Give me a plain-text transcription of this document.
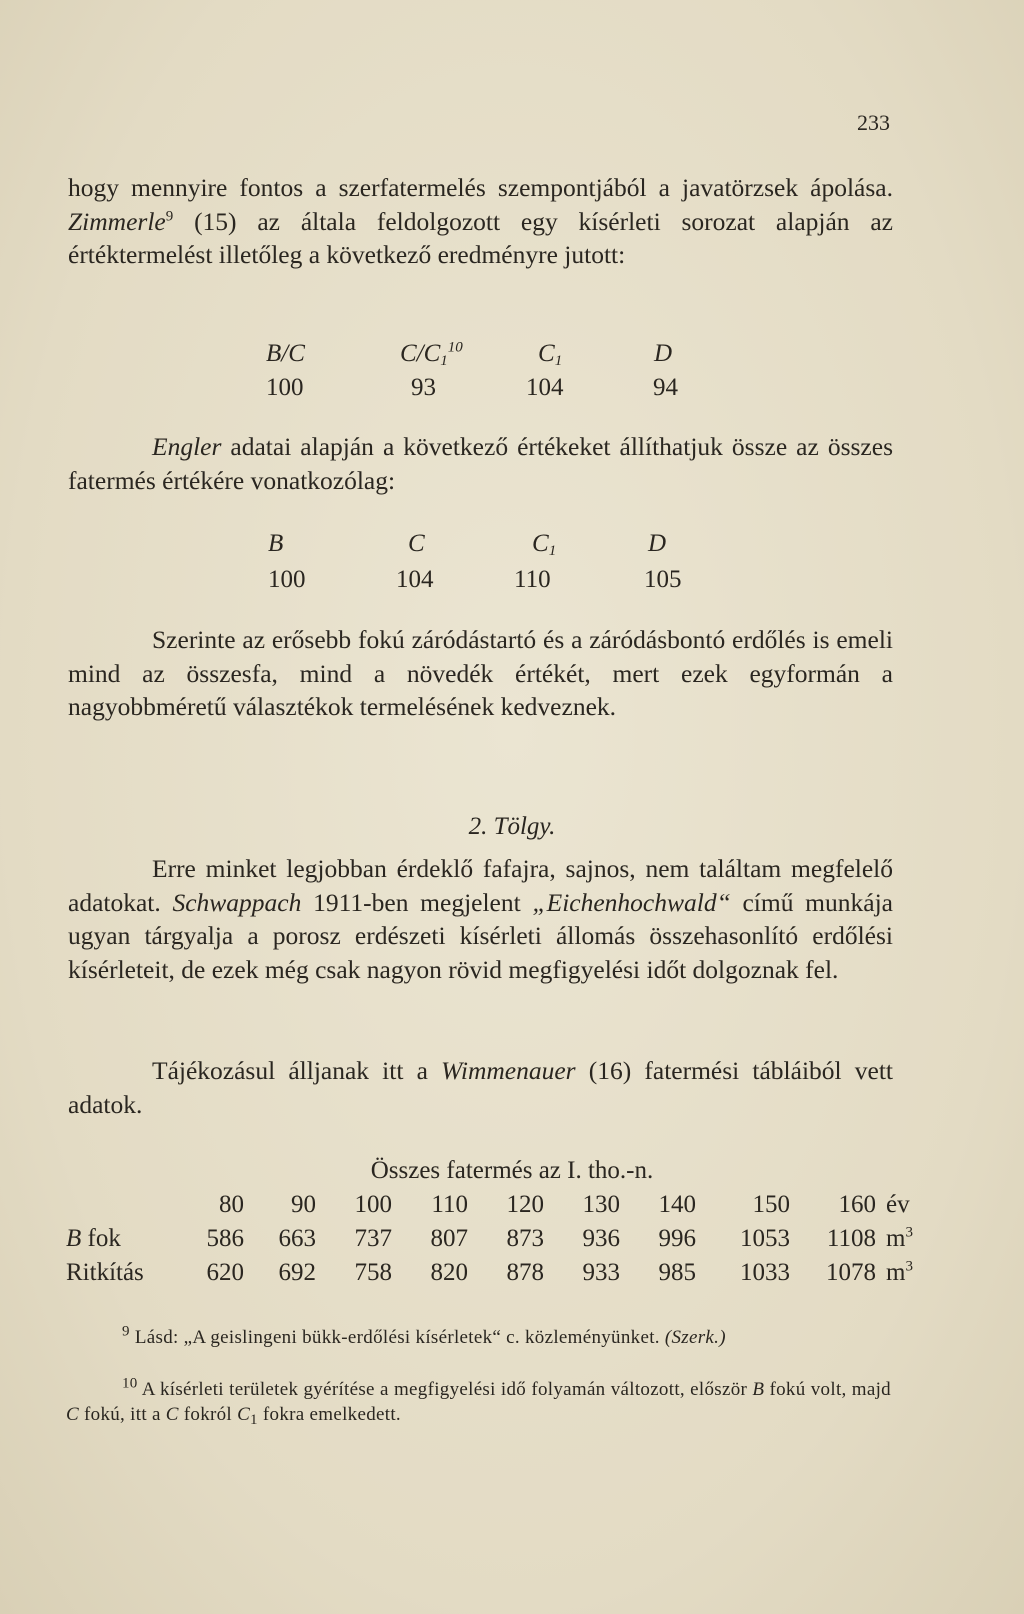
233

hogy mennyire fontos a szerfatermelés szempontjából a javatörzsek ápolása. Zimmerle$^9$ (15) az általa feldolgozott egy kísérleti sorozat alapján az értéktermelést illetőleg a következő eredményre jutott:

B/C	$C/C_1^{10}$	$C_1$	D
100	93	104	94

Engler adatai alapján a következő értékeket állíthatjuk össze az összes fatermés értékére vonatkozólag:

B	C	$C_1$	D
100	104	110	105

Szerinte az erősebb fokú záródástartó és a záródásbontó erdőlés is emeli mind az összesfa, mind a növedék értékét, mert ezek egyformán a nagyobbméretű választékok termelésének kedveznek.

2. Tölgy.

Erre minket legjobban érdeklő fafajra, sajnos, nem találtam megfelelő adatokat. Schwappach 1911-ben megjelent „Eichenhochwald“ című munkája ugyan tárgyalja a porosz erdészeti kísérleti állomás összehasonlító erdőlési kísérleteit, de ezek még csak nagyon rövid megfigyelési időt dolgoznak fel.

Tájékozásul álljanak itt a Wimmenauer (16) fatermési tábláiból vett adatok.

Összes fatermés az I. tho.-n.
	80	90	100	110	120	130	140	150	160	év
B fok	586	663	737	807	873	936	996	1053	1108	$m^3$
Ritkítás	620	692	758	820	878	933	985	1033	1078	$m^3$

$^9$ Lásd: „A geislingeni bükk-erdőlési kísérletek“ c. közleményünket. (Szerk.)

$^{10}$ A kísérleti területek gyérítése a megfigyelési idő folyamán változott, először B fokú volt, majd C fokú, itt a C fokról $C_1$ fokra emelkedett.
